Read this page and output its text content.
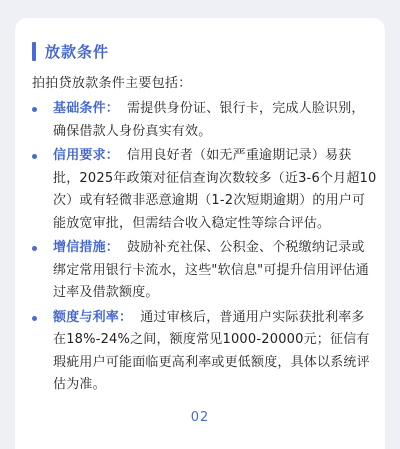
放款条件
拍拍贷放款条件主要包括：
基础条件： 需提供身份证、银行卡，完成人脸识别，确保借款人身份真实有效。
信用要求： 信用良好者（如无严重逾期记录）易获批，2025年政策对征信查询次数较多（近3-6个月超10次）或有轻微非恶意逾期（1-2次短期逾期）的用户可能放宽审批，但需结合收入稳定性等综合评估。
增信措施： 鼓励补充社保、公积金、个税缴纳记录或绑定常用银行卡流水，这些"软信息"可提升信用评估通过率及借款额度。
额度与利率： 通过审核后，普通用户实际获批利率多在18%-24%之间，额度常见1000-20000元；征信有瑕疵用户可能面临更高利率或更低额度，具体以系统评估为准。
02
